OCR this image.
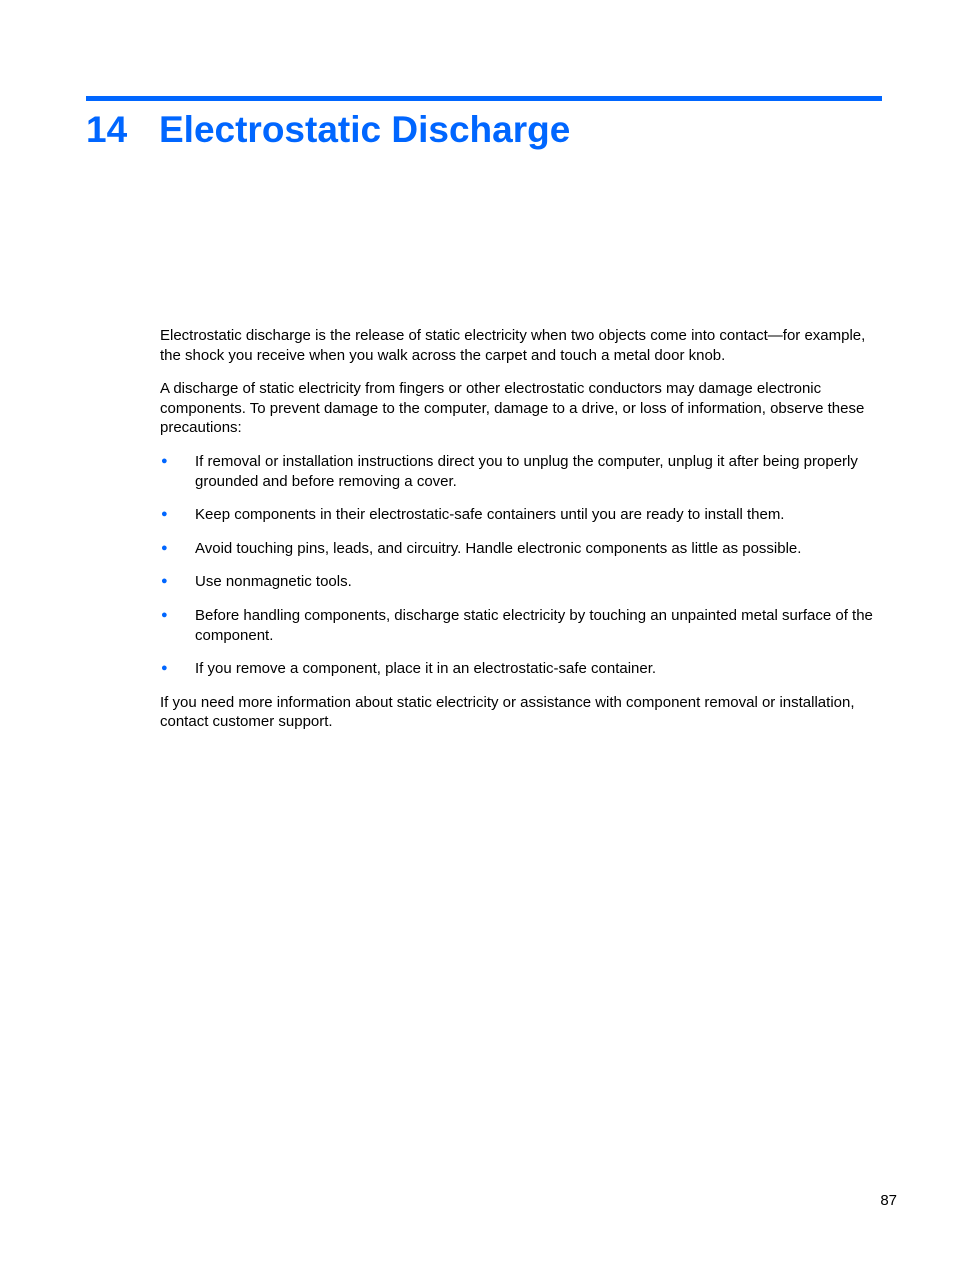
14 Electrostatic Discharge

Electrostatic discharge is the release of static electricity when two objects come into contact—for example, the shock you receive when you walk across the carpet and touch a metal door knob.

A discharge of static electricity from fingers or other electrostatic conductors may damage electronic components. To prevent damage to the computer, damage to a drive, or loss of information, observe these precautions:

● If removal or installation instructions direct you to unplug the computer, unplug it after being properly grounded and before removing a cover.
● Keep components in their electrostatic-safe containers until you are ready to install them.
● Avoid touching pins, leads, and circuitry. Handle electronic components as little as possible.
● Use nonmagnetic tools.
● Before handling components, discharge static electricity by touching an unpainted metal surface of the component.
● If you remove a component, place it in an electrostatic-safe container.

If you need more information about static electricity or assistance with component removal or installation, contact customer support.

87
